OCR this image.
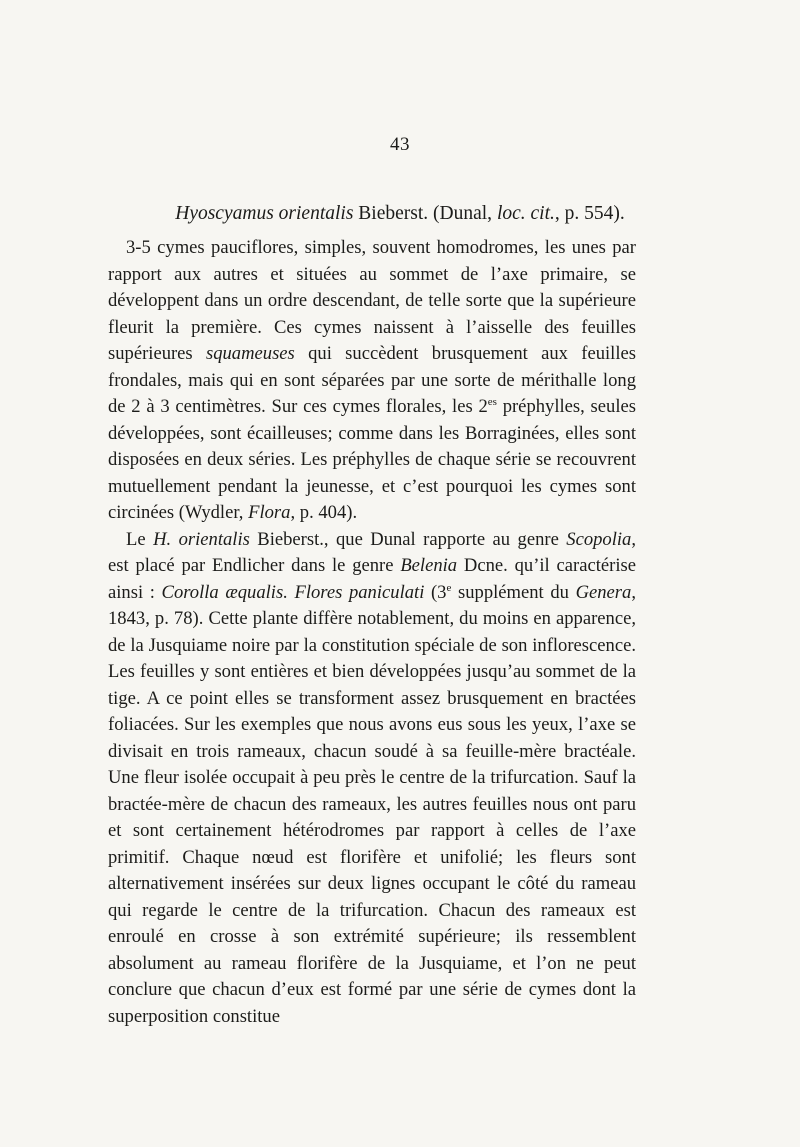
43
Hyoscyamus orientalis Bieberst. (Dunal, loc. cit., p. 554).

3-5 cymes pauciflores, simples, souvent homodromes, les unes par rapport aux autres et situées au sommet de l’axe primaire, se développent dans un ordre descendant, de telle sorte que la supérieure fleurit la première. Ces cymes naissent à l’aisselle des feuilles supérieures squameuses qui succèdent brusquement aux feuilles frondales, mais qui en sont séparées par une sorte de mérithalle long de 2 à 3 centimètres. Sur ces cymes florales, les $2^{es}$ préphylles, seules développées, sont écailleuses; comme dans les Borraginées, elles sont disposées en deux séries. Les préphylles de chaque série se recouvrent mutuellement pendant la jeunesse, et c’est pourquoi les cymes sont circinées (Wydler, Flora, p. 404).

Le H. orientalis Bieberst., que Dunal rapporte au genre Scopolia, est placé par Endlicher dans le genre Belenia Dcne. qu’il caractérise ainsi : Corolla æqualis. Flores paniculati (3e supplément du Genera, 1843, p. 78). Cette plante diffère notablement, du moins en apparence, de la Jusquiame noire par la constitution spéciale de son inflorescence. Les feuilles y sont entières et bien développées jusqu’au sommet de la tige. A ce point elles se transforment assez brusquement en bractées foliacées. Sur les exemples que nous avons eus sous les yeux, l’axe se divisait en trois rameaux, chacun soudé à sa feuille-mère bractéale. Une fleur isolée occupait à peu près le centre de la trifurcation. Sauf la bractée-mère de chacun des rameaux, les autres feuilles nous ont paru et sont certainement hétérodromes par rapport à celles de l’axe primitif. Chaque nœud est florifère et unifolié; les fleurs sont alternativement insérées sur deux lignes occupant le côté du rameau qui regarde le centre de la trifurcation. Chacun des rameaux est enroulé en crosse à son extrémité supérieure; ils ressemblent absolument au rameau florifère de la Jusquiame, et l’on ne peut conclure que chacun d’eux est formé par une série de cymes dont la superposition constitue
